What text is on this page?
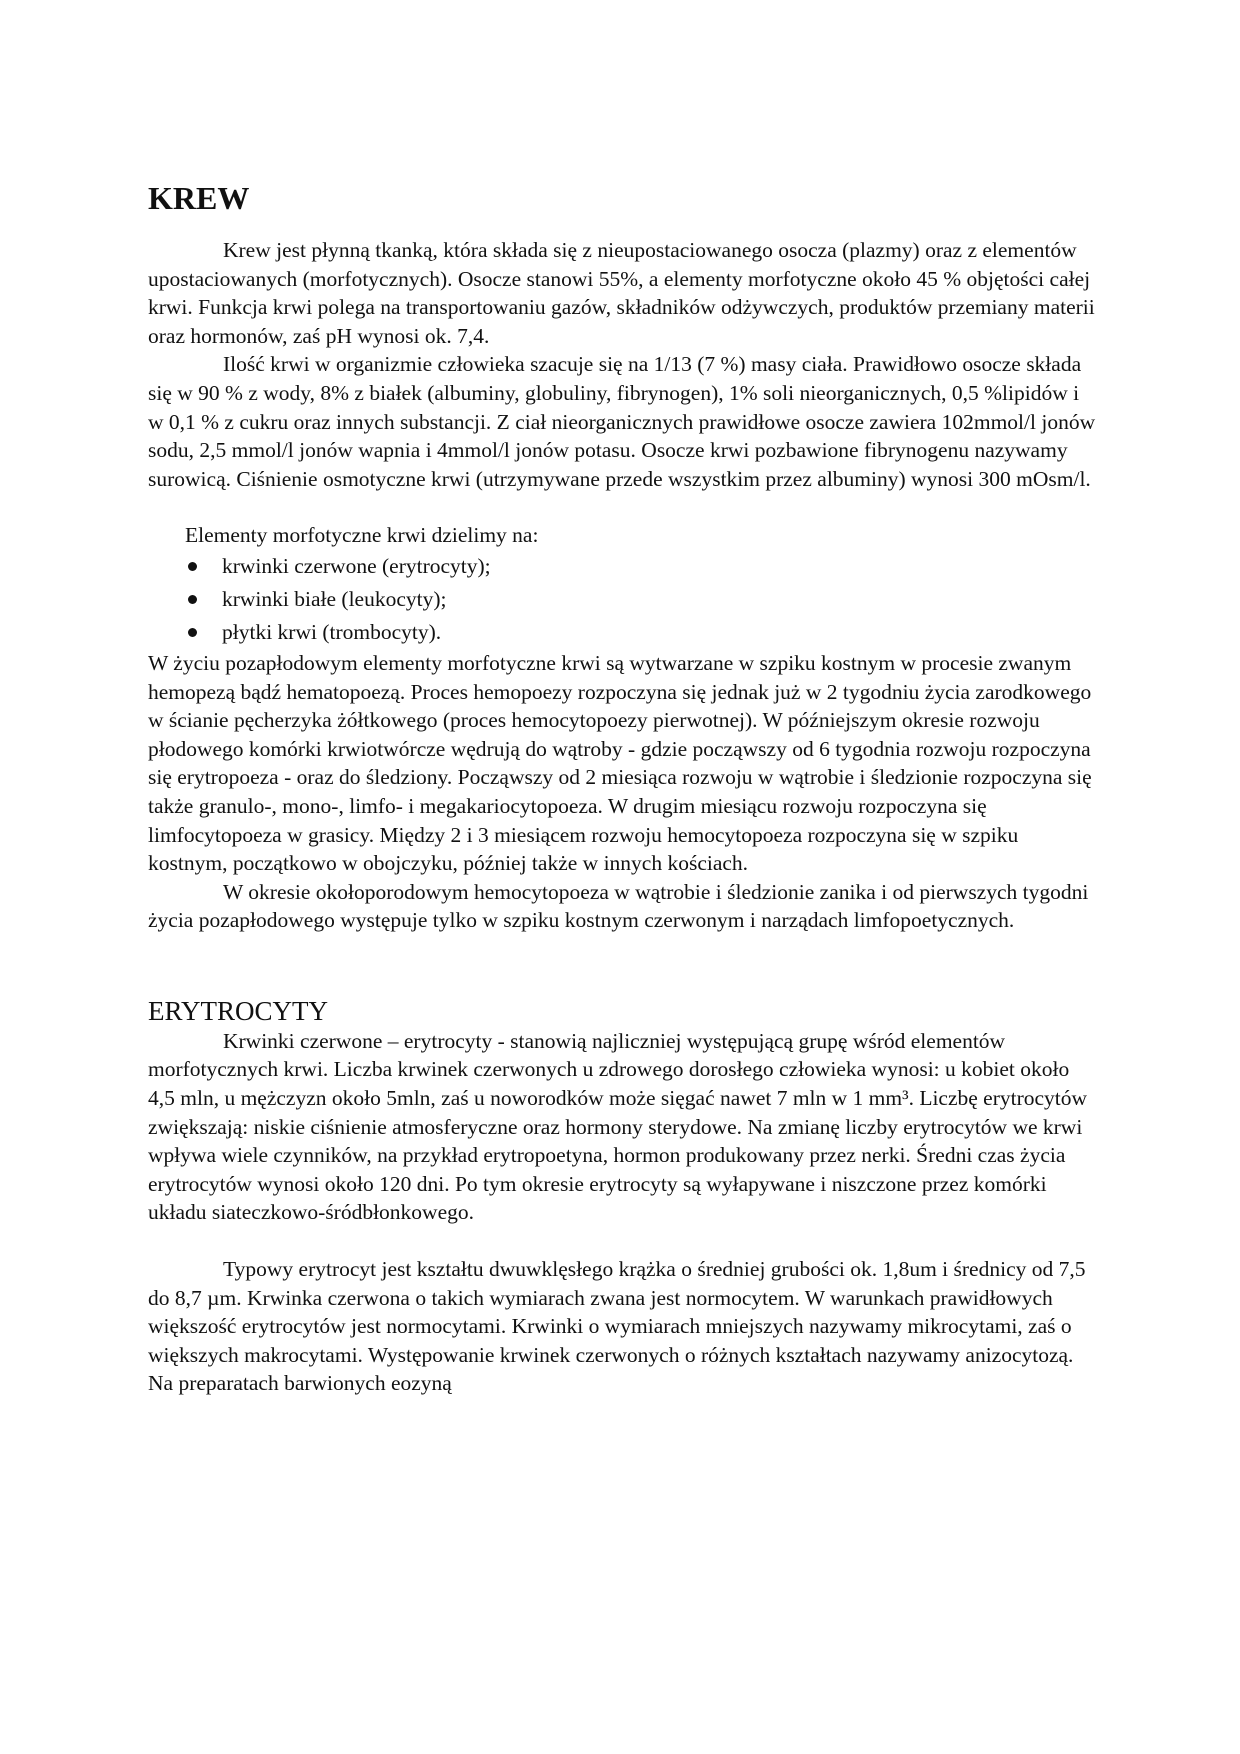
KREW

Krew jest płynną tkanką, która składa się z nieupostaciowanego osocza (plazmy) oraz z elementów upostaciowanych (morfotycznych). Osocze stanowi 55%, a elementy morfotyczne około 45 % objętości całej krwi. Funkcja krwi polega na transportowaniu gazów, składników odżywczych, produktów przemiany materii oraz hormonów, zaś pH wynosi ok. 7,4.

Ilość krwi w organizmie człowieka szacuje się na 1/13 (7 %) masy ciała. Prawidłowo osocze składa się w 90 % z wody, 8% z białek (albuminy, globuliny, fibrynogen), 1% soli nieorganicznych, 0,5 %lipidów i w 0,1 % z cukru oraz innych substancji. Z ciał nieorganicznych prawidłowe osocze zawiera 102mmol/l jonów sodu, 2,5 mmol/l jonów wapnia i 4mmol/l jonów potasu. Osocze krwi pozbawione fibrynogenu nazywamy surowicą. Ciśnienie osmotyczne krwi (utrzymywane przede wszystkim przez albuminy) wynosi 300 mOsm/l.

Elementy morfotyczne krwi dzielimy na:

krwinki czerwone (erytrocyty);
krwinki białe (leukocyty);
płytki krwi (trombocyty).

W życiu pozapłodowym elementy morfotyczne krwi są wytwarzane w szpiku kostnym w procesie zwanym hemopezą bądź hematopoezą. Proces hemopoezy rozpoczyna się jednak już w 2 tygodniu życia zarodkowego w ścianie pęcherzyka żółtkowego (proces hemocytopoezy pierwotnej). W późniejszym okresie rozwoju płodowego komórki krwiotwórcze wędrują do wątroby - gdzie począwszy od 6 tygodnia rozwoju rozpoczyna się erytropoeza - oraz do śledziony. Począwszy od 2 miesiąca rozwoju w wątrobie i śledzionie rozpoczyna się także granulo-, mono-, limfo- i megakariocytopoeza. W drugim miesiącu rozwoju rozpoczyna się limfocytopoeza w grasicy. Między 2 i 3 miesiącem rozwoju hemocytopoeza rozpoczyna się w szpiku kostnym, początkowo w obojczyku, później także w innych kościach.

W okresie okołoporodowym hemocytopoeza w wątrobie i śledzionie zanika i od pierwszych tygodni życia pozapłodowego występuje tylko w szpiku kostnym czerwonym i narządach limfopoetycznych.

ERYTROCYTY

Krwinki czerwone – erytrocyty - stanowią najliczniej występującą grupę wśród elementów morfotycznych krwi. Liczba krwinek czerwonych u zdrowego dorosłego człowieka wynosi: u kobiet około 4,5 mln, u mężczyzn około 5mln, zaś u noworodków może sięgać nawet 7 mln w 1 mm³. Liczbę erytrocytów zwiększają: niskie ciśnienie atmosferyczne oraz hormony sterydowe. Na zmianę liczby erytrocytów we krwi wpływa wiele czynników, na przykład erytropoetyna, hormon produkowany przez nerki. Średni czas życia erytrocytów wynosi około 120 dni. Po tym okresie erytrocyty są wyłapywane i niszczone przez komórki układu siateczkowo-śródbłonkowego.

Typowy erytrocyt jest kształtu dwuwklęsłego krążka o średniej grubości ok. 1,8um i średnicy od 7,5 do 8,7 µm. Krwinka czerwona o takich wymiarach zwana jest normocytem. W warunkach prawidłowych większość erytrocytów jest normocytami. Krwinki o wymiarach mniejszych nazywamy mikrocytami, zaś o większych makrocytami. Występowanie krwinek czerwonych o różnych kształtach nazywamy anizocytozą. Na preparatach barwionych eozyną
